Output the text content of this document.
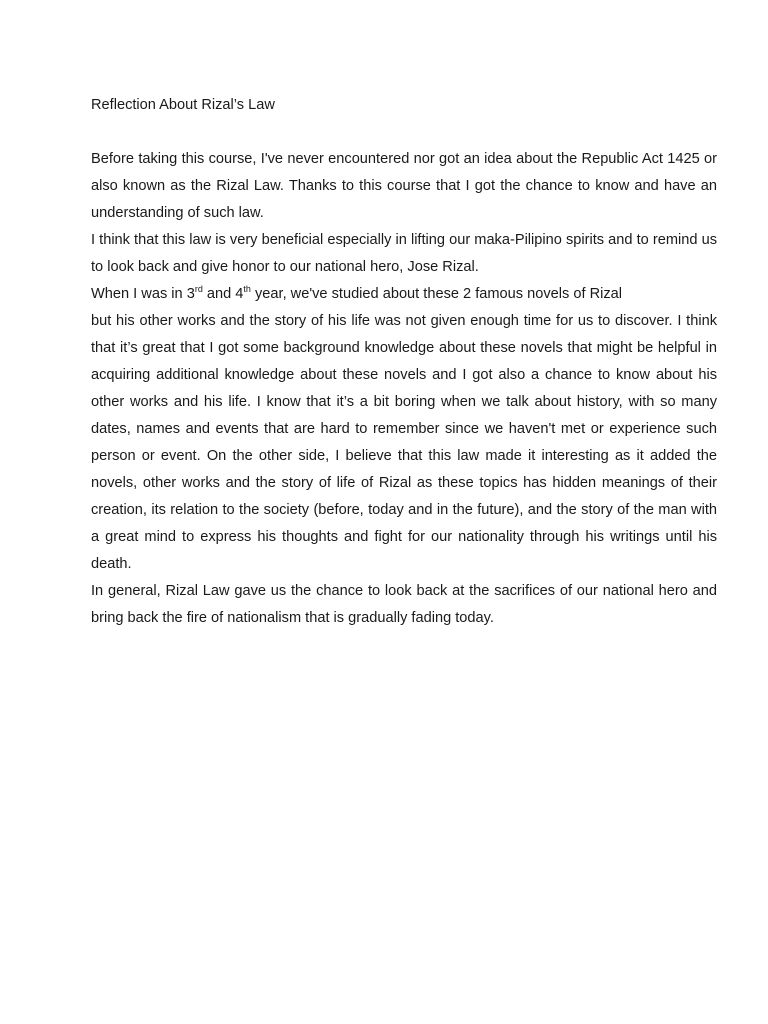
Reflection About Rizal’s Law

Before taking this course, I've never encountered nor got an idea about the Republic Act 1425 or also known as the Rizal Law. Thanks to this course that I got the chance to know and have an understanding of such law.

I think that this law is very beneficial especially in lifting our maka-Pilipino spirits and to remind us to look back and give honor to our national hero, Jose Rizal.

When I was in 3rd and 4th year, we've studied about these 2 famous novels of Rizal

but his other works and the story of his life was not given enough time for us to discover. I think that it’s great that I got some background knowledge about these novels that might be helpful in acquiring additional knowledge about these novels and I got also a chance to know about his other works and his life. I know that it’s a bit boring when we talk about history, with so many dates, names and events that are hard to remember since we haven't met or experience such person or event. On the other side, I believe that this law made it interesting as it added the novels, other works and the story of life of Rizal as these topics has hidden meanings of their creation, its relation to the society (before, today and in the future), and the story of the man with a great mind to express his thoughts and fight for our nationality through his writings until his death.

In general, Rizal Law gave us the chance to look back at the sacrifices of our national hero and bring back the fire of nationalism that is gradually fading today.
